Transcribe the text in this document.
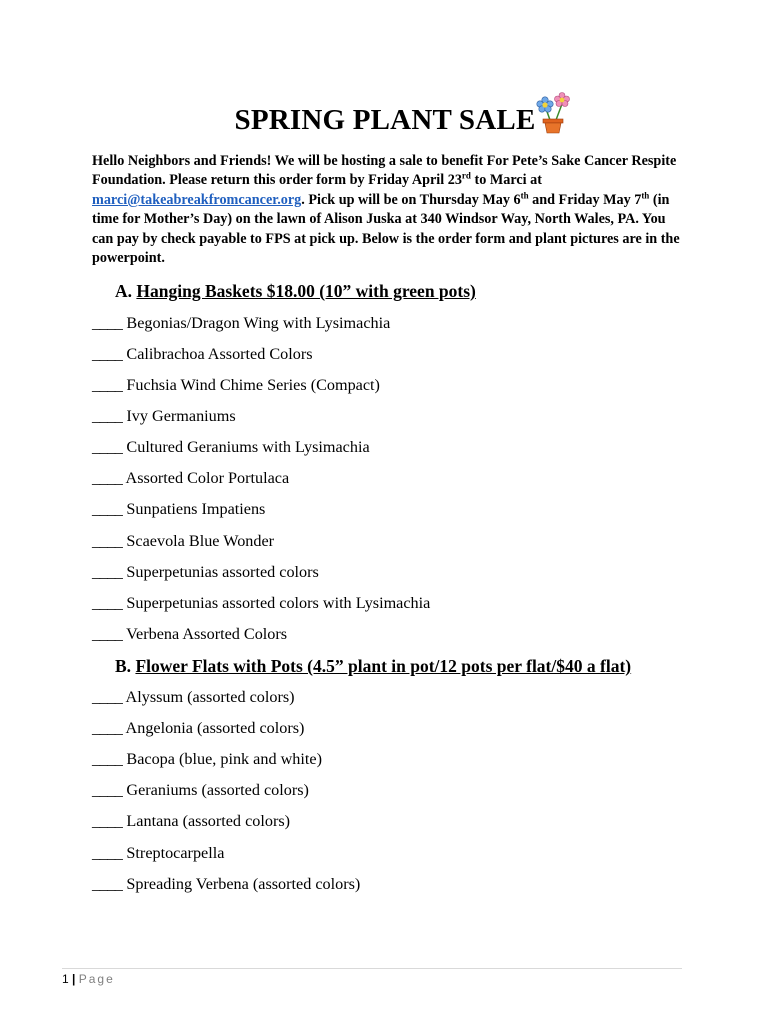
SPRING PLANT SALE
Hello Neighbors and Friends! We will be hosting a sale to benefit For Pete’s Sake Cancer Respite Foundation. Please return this order form by Friday April 23rd to Marci at marci@takeabreakfromcancer.org. Pick up will be on Thursday May 6th and Friday May 7th (in time for Mother’s Day) on the lawn of Alison Juska at 340 Windsor Way, North Wales, PA. You can pay by check payable to FPS at pick up. Below is the order form and plant pictures are in the powerpoint.
A. Hanging Baskets $18.00 (10” with green pots)
____ Begonias/Dragon Wing with Lysimachia
____ Calibrachoa Assorted Colors
____ Fuchsia Wind Chime Series (Compact)
____ Ivy Germaniums
____ Cultured Geraniums with Lysimachia
____ Assorted Color Portulaca
____ Sunpatiens Impatiens
____ Scaevola Blue Wonder
____ Superpetunias assorted colors
____ Superpetunias assorted colors with Lysimachia
____ Verbena Assorted Colors
B. Flower Flats with Pots (4.5” plant in pot/12 pots per flat/$40 a flat)
____ Alyssum (assorted colors)
____ Angelonia (assorted colors)
____ Bacopa (blue, pink and white)
____ Geraniums (assorted colors)
____ Lantana (assorted colors)
____ Streptocarpella
____ Spreading Verbena (assorted colors)
1 | Page
